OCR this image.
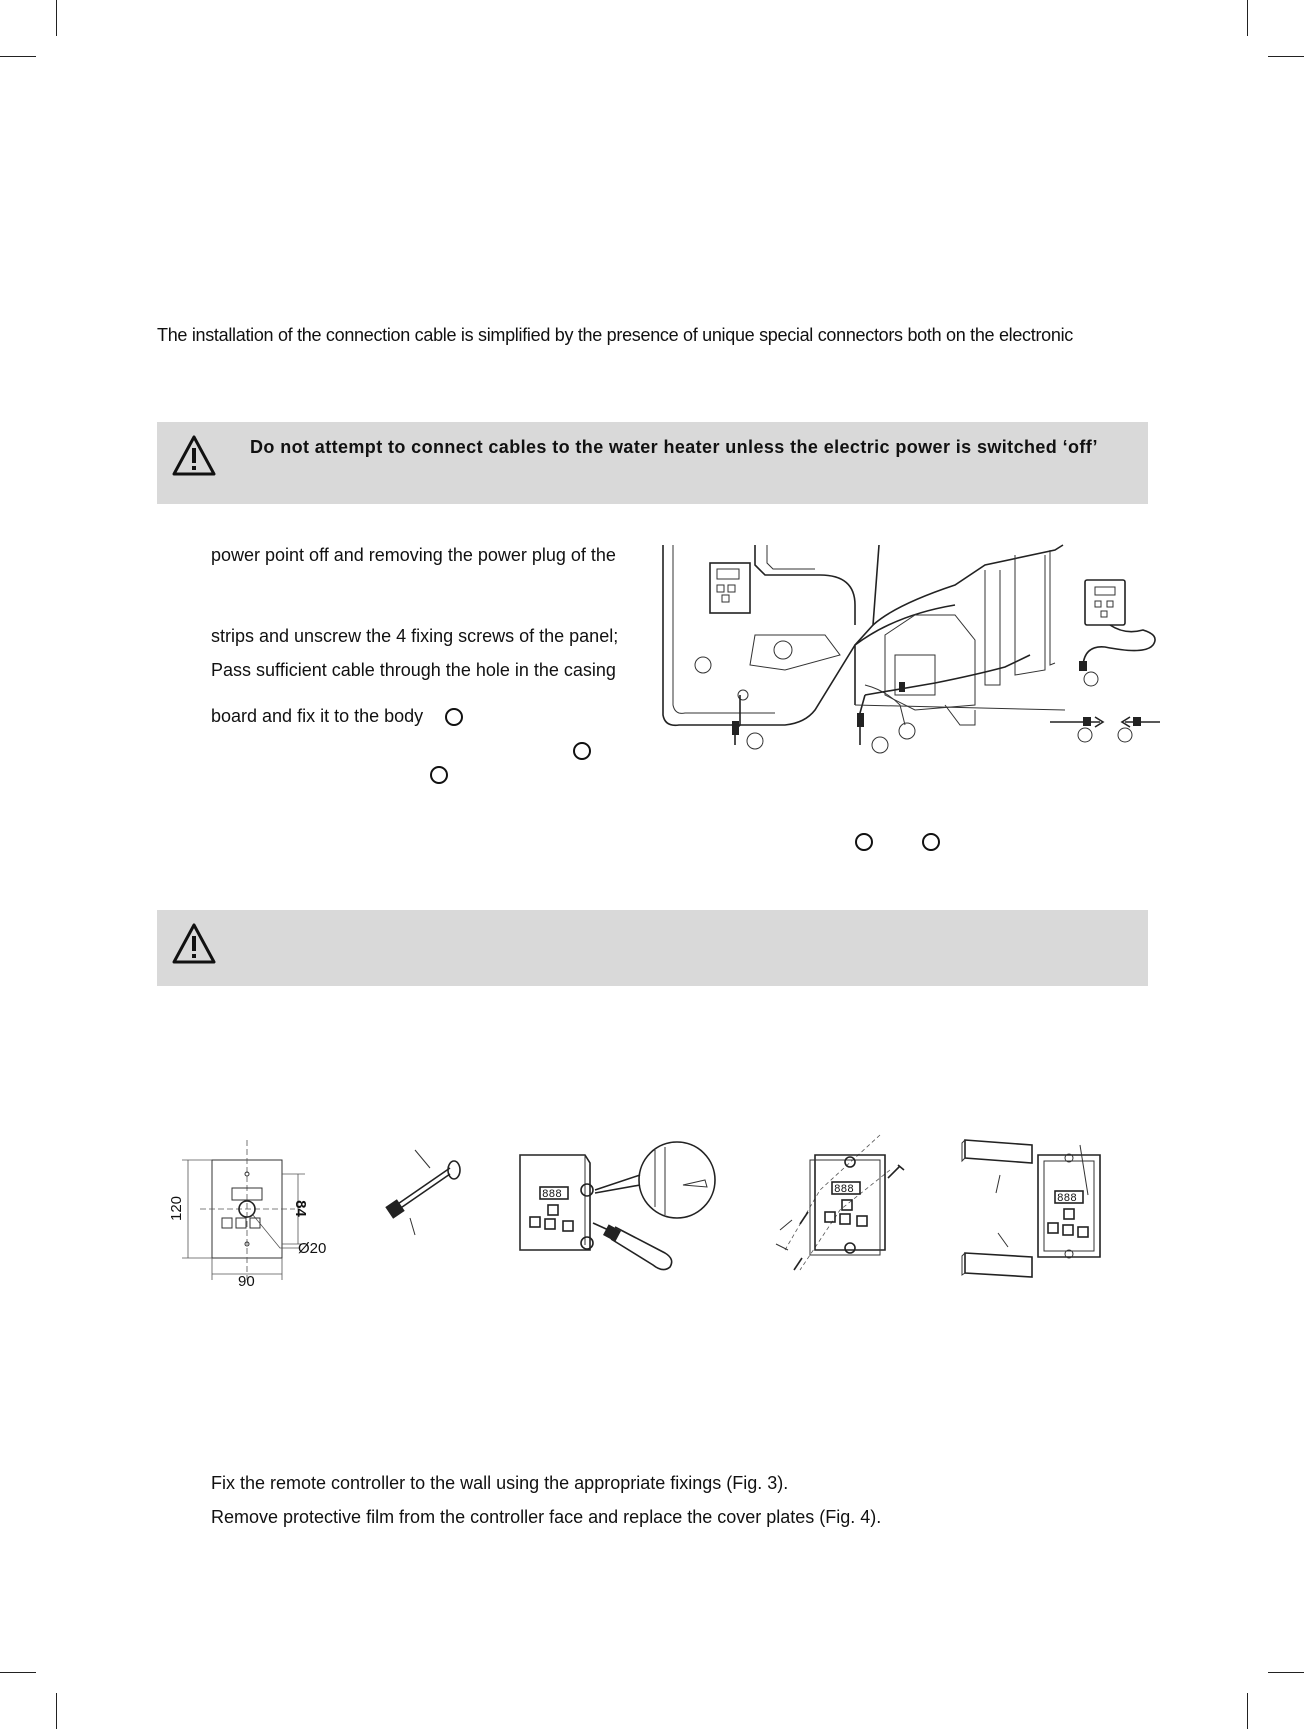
The installation of the connection cable is simplified by the presence of unique special connectors both on the electronic
Do not attempt to connect cables to the water heater unless the electric power is switched ‘off’
power point off and removing the power plug of the
strips and unscrew the 4 fixing screws of the panel;
Pass sufficient cable through the hole in the casing
board and fix it to the body
120	84
90
Ø20
888	888
888
Fix the remote controller to the wall using the appropriate fixings (Fig. 3).
Remove protective film from the controller face and replace the cover plates (Fig. 4).
